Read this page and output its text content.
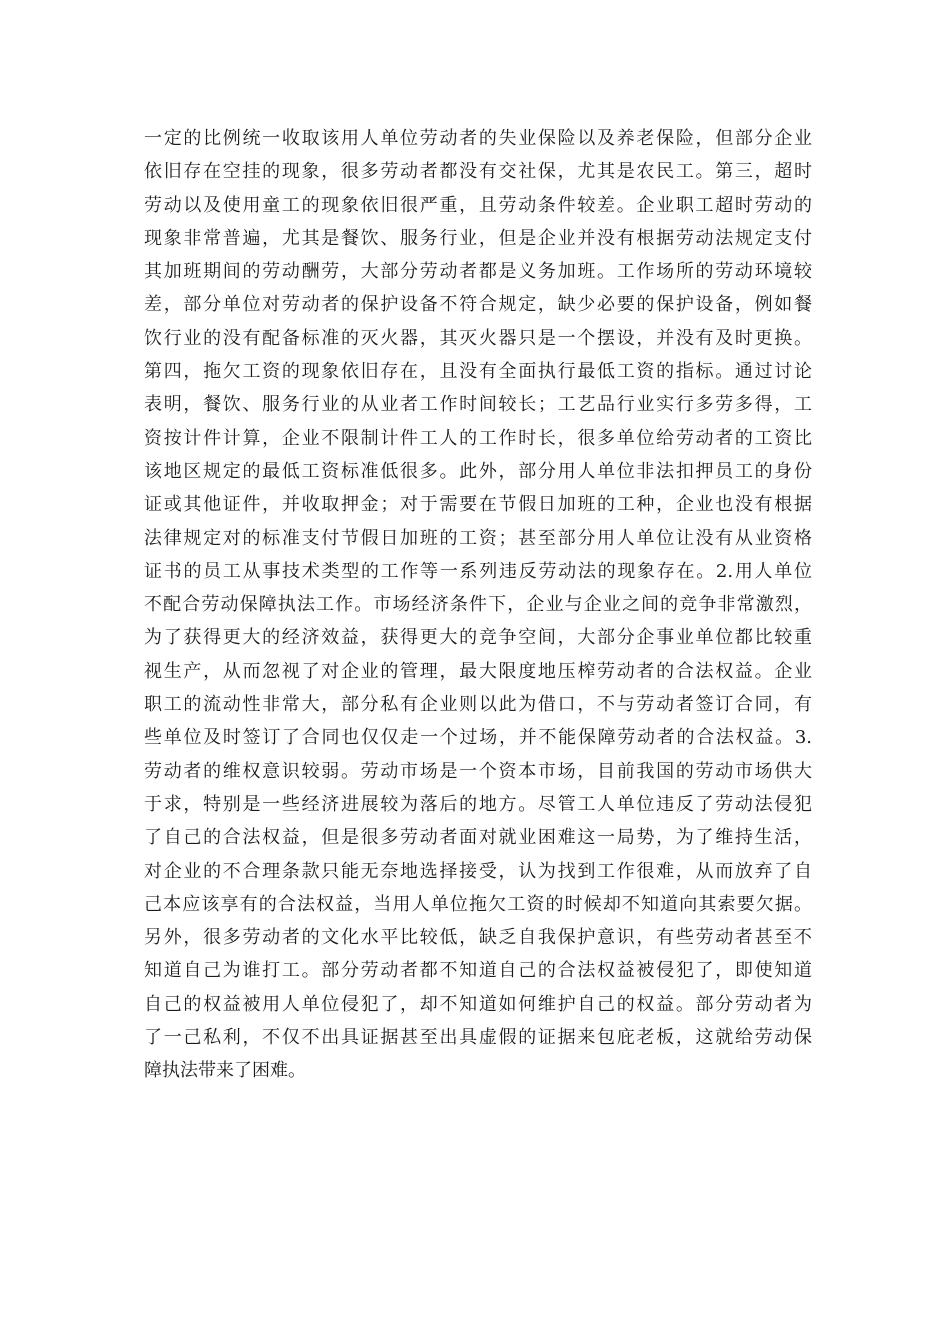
一定的比例统一收取该用人单位劳动者的失业保险以及养老保险，但部分企业
依旧存在空挂的现象，很多劳动者都没有交社保，尤其是农民工。第三，超时
劳动以及使用童工的现象依旧很严重，且劳动条件较差。企业职工超时劳动的
现象非常普遍，尤其是餐饮、服务行业，但是企业并没有根据劳动法规定支付
其加班期间的劳动酬劳，大部分劳动者都是义务加班。工作场所的劳动环境较
差，部分单位对劳动者的保护设备不符合规定，缺少必要的保护设备，例如餐
饮行业的没有配备标准的灭火器，其灭火器只是一个摆设，并没有及时更换。
第四，拖欠工资的现象依旧存在，且没有全面执行最低工资的指标。通过讨论
表明，餐饮、服务行业的从业者工作时间较长；工艺品行业实行多劳多得，工
资按计件计算，企业不限制计件工人的工作时长，很多单位给劳动者的工资比
该地区规定的最低工资标准低很多。此外，部分用人单位非法扣押员工的身份
证或其他证件，并收取押金；对于需要在节假日加班的工种，企业也没有根据
法律规定对的标准支付节假日加班的工资；甚至部分用人单位让没有从业资格
证书的员工从事技术类型的工作等一系列违反劳动法的现象存在。2.用人单位
不配合劳动保障执法工作。市场经济条件下，企业与企业之间的竞争非常激烈，
为了获得更大的经济效益，获得更大的竞争空间，大部分企事业单位都比较重
视生产，从而忽视了对企业的管理，最大限度地压榨劳动者的合法权益。企业
职工的流动性非常大，部分私有企业则以此为借口，不与劳动者签订合同，有
些单位及时签订了合同也仅仅走一个过场，并不能保障劳动者的合法权益。3.
劳动者的维权意识较弱。劳动市场是一个资本市场，目前我国的劳动市场供大
于求，特别是一些经济进展较为落后的地方。尽管工人单位违反了劳动法侵犯
了自己的合法权益，但是很多劳动者面对就业困难这一局势，为了维持生活，
对企业的不合理条款只能无奈地选择接受，认为找到工作很难，从而放弃了自
己本应该享有的合法权益，当用人单位拖欠工资的时候却不知道向其索要欠据。
另外，很多劳动者的文化水平比较低，缺乏自我保护意识，有些劳动者甚至不
知道自己为谁打工。部分劳动者都不知道自己的合法权益被侵犯了，即使知道
自己的权益被用人单位侵犯了，却不知道如何维护自己的权益。部分劳动者为
了一己私利，不仅不出具证据甚至出具虚假的证据来包庇老板，这就给劳动保
障执法带来了困难。
